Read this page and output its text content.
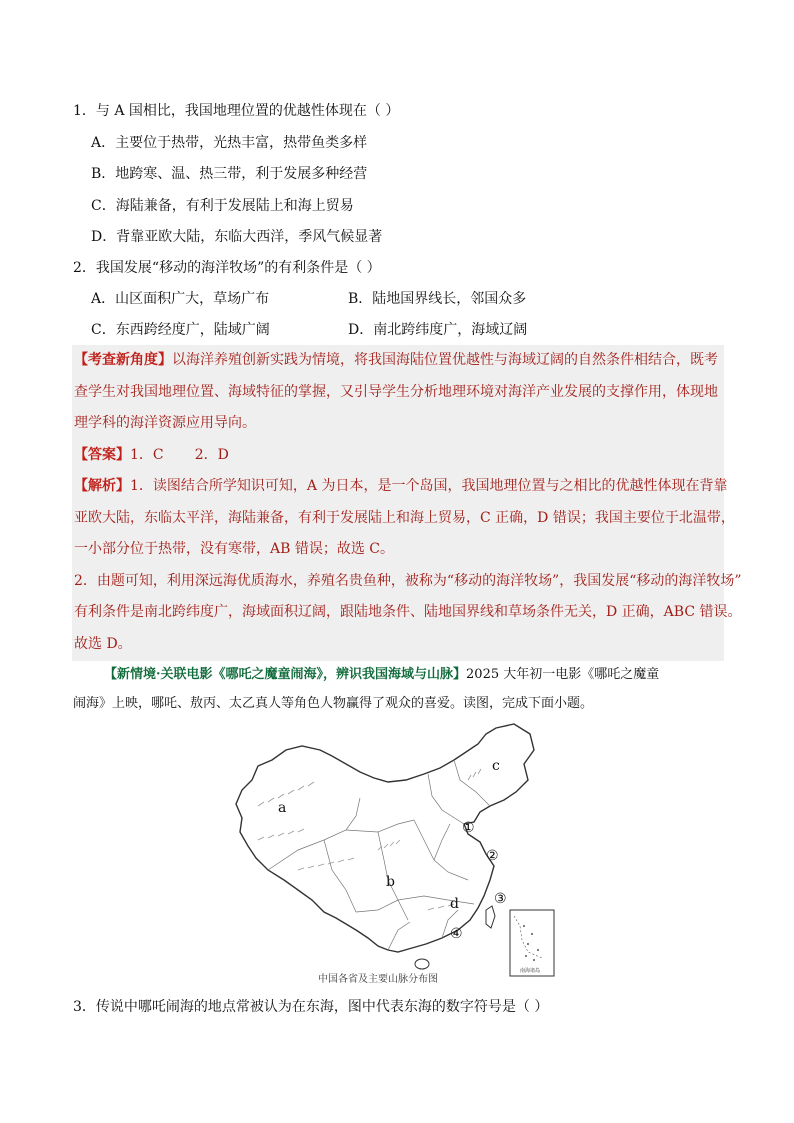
1．与 A 国相比，我国地理位置的优越性体现在（ ）
A．主要位于热带，光热丰富，热带鱼类多样
B．地跨寒、温、热三带，利于发展多种经营
C．海陆兼备，有利于发展陆上和海上贸易
D．背靠亚欧大陆，东临大西洋，季风气候显著
2．我国发展“移动的海洋牧场”的有利条件是（ ）
A．山区面积广大，草场广布	B．陆地国界线长，邻国众多
C．东西跨经度广，陆域广阔	D．南北跨纬度广，海域辽阔
【考查新角度】以海洋养殖创新实践为情境，将我国海陆位置优越性与海域辽阔的自然条件相结合，既考
查学生对我国地理位置、海域特征的掌握，又引导学生分析地理环境对海洋产业发展的支撑作用，体现地
理学科的海洋资源应用导向。
【答案】1．C       2．D
【解析】1．读图结合所学知识可知，A 为日本，是一个岛国，我国地理位置与之相比的优越性体现在背靠
亚欧大陆，东临太平洋，海陆兼备，有利于发展陆上和海上贸易，C 正确，D 错误；我国主要位于北温带，
一小部分位于热带，没有寒带，AB 错误；故选 C。
2．由题可知，利用深远海优质海水，养殖名贵鱼种，被称为“移动的海洋牧场”，我国发展“移动的海洋牧场”
有利条件是南北跨纬度广，海域面积辽阔，跟陆地条件、陆地国界线和草场条件无关，D 正确，ABC 错误。
故选 D。
【新情境·关联电影《哪吒之魔童闹海》，辨识我国海域与山脉】2025 大年初一电影《哪吒之魔童
闹海》上映，哪吒、敖丙、太乙真人等角色人物赢得了观众的喜爱。读图，完成下面小题。
南海诸岛
a
b
c
d
①
②
③
④
中国各省及主要山脉分布图
3．传说中哪吒闹海的地点常被认为在东海，图中代表东海的数字符号是（ ）
